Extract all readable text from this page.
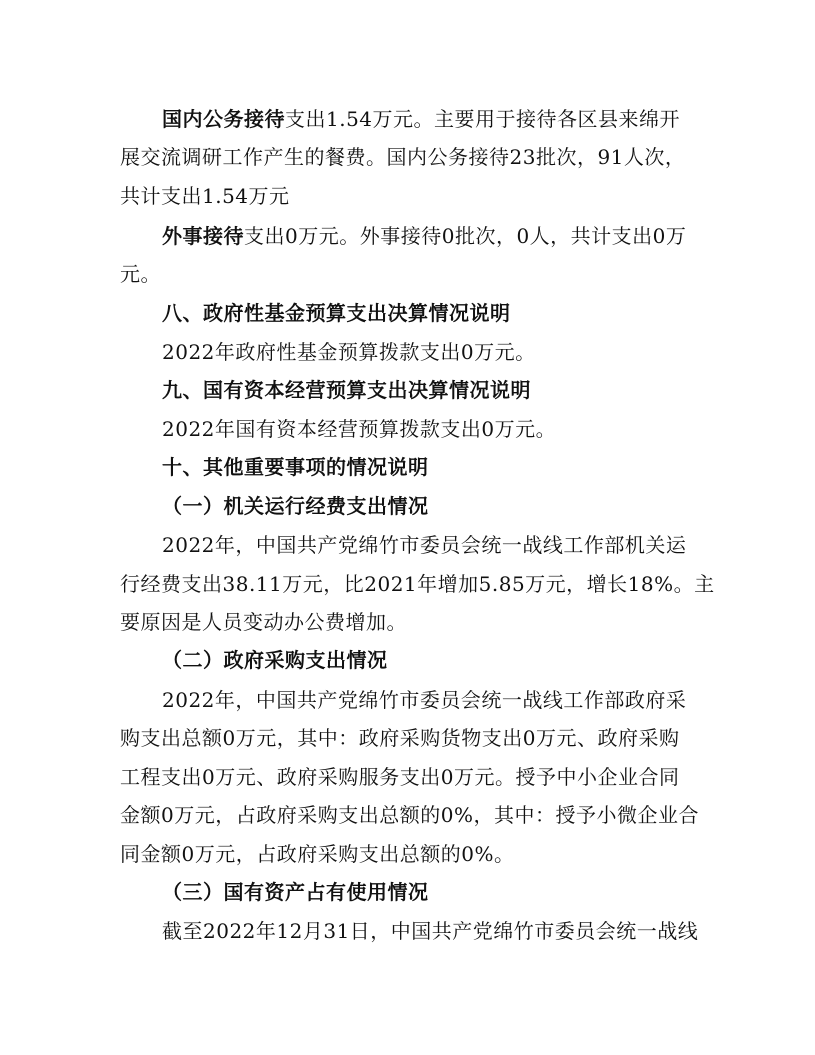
国内公务接待支出1.54万元。主要用于接待各区县来绵开
展交流调研工作产生的餐费。国内公务接待23批次，91人次，
共计支出1.54万元
外事接待支出0万元。外事接待0批次，0人，共计支出0万
元。
八、政府性基金预算支出决算情况说明
2022年政府性基金预算拨款支出0万元。
九、国有资本经营预算支出决算情况说明
2022年国有资本经营预算拨款支出0万元。
十、其他重要事项的情况说明
（一）机关运行经费支出情况
2022年，中国共产党绵竹市委员会统一战线工作部机关运
行经费支出38.11万元，比2021年增加5.85万元，增长18%。主
要原因是人员变动办公费增加。
（二）政府采购支出情况
2022年，中国共产党绵竹市委员会统一战线工作部政府采
购支出总额0万元，其中：政府采购货物支出0万元、政府采购
工程支出0万元、政府采购服务支出0万元。授予中小企业合同
金额0万元，占政府采购支出总额的0%，其中：授予小微企业合
同金额0万元，占政府采购支出总额的0%。
（三）国有资产占有使用情况
截至2022年12月31日，中国共产党绵竹市委员会统一战线
